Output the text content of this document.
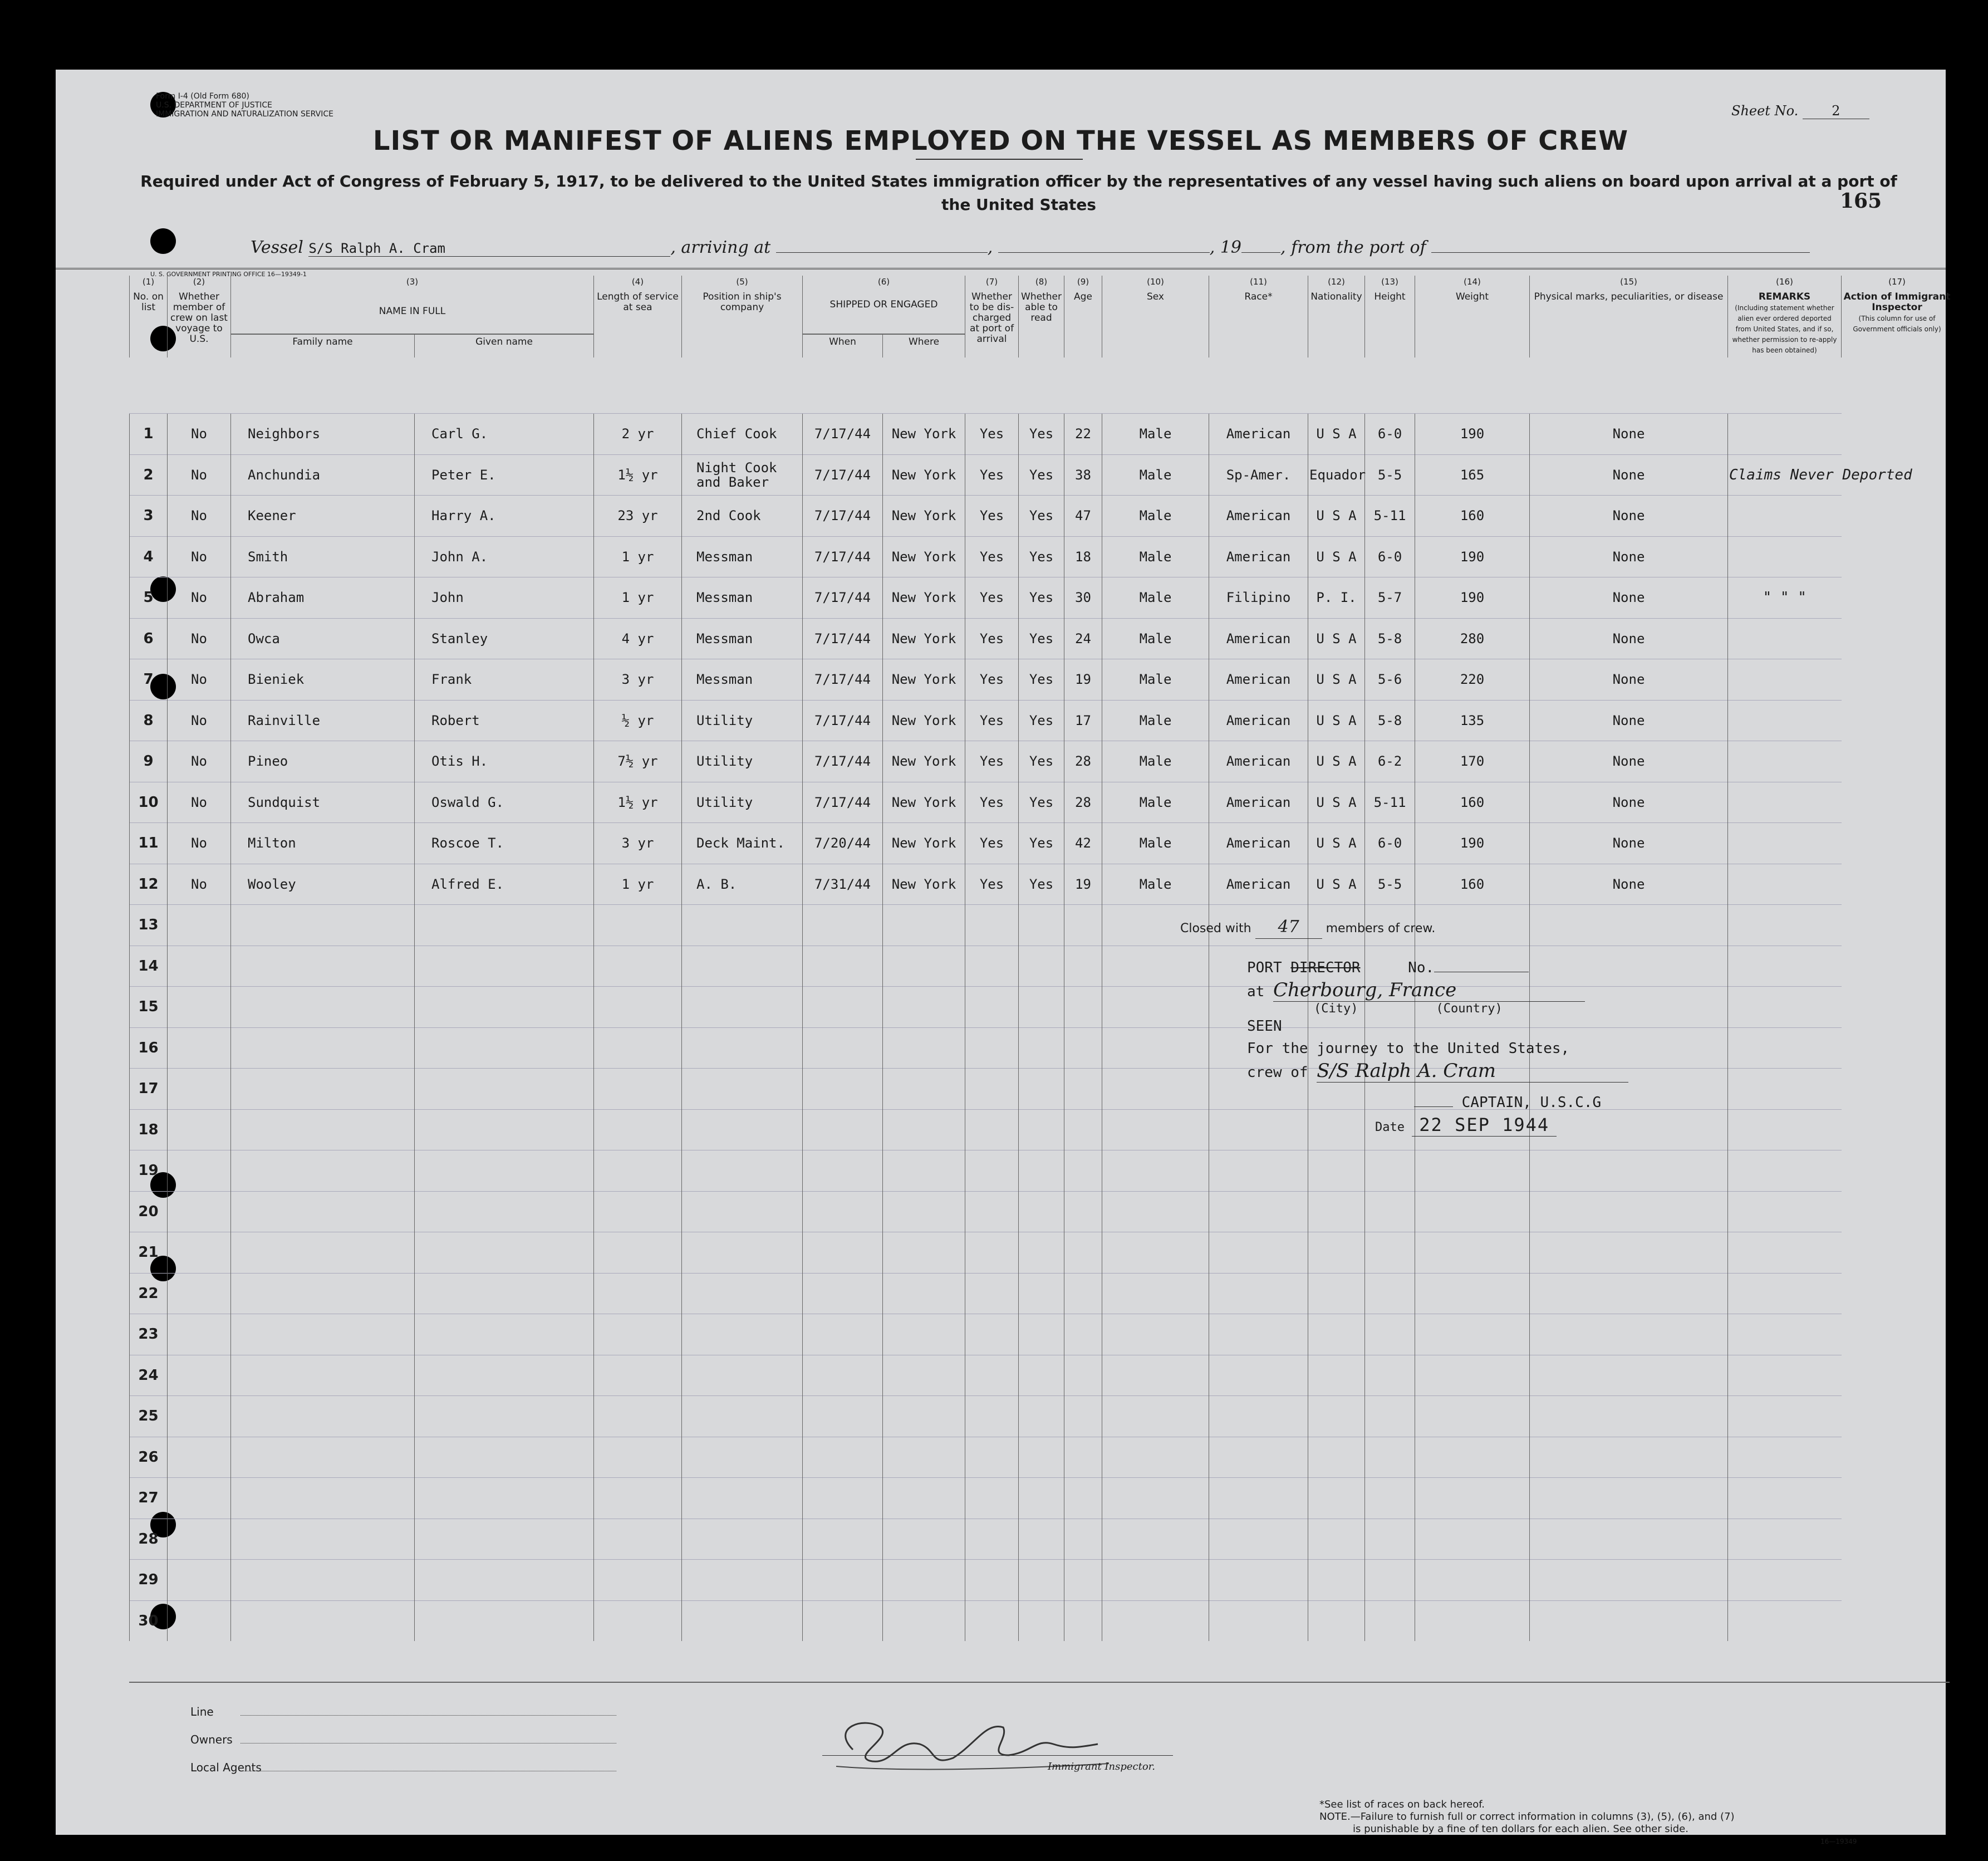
Form I-4 (Old Form 680)
U.S. DEPARTMENT OF JUSTICE
IMMIGRATION AND NATURALIZATION SERVICE	Sheet No.	2
165
LIST OR MANIFEST OF ALIENS EMPLOYED ON THE VESSEL AS MEMBERS OF CREW
Required under Act of Congress of February 5, 1917, to be delivered to the United States immigration officer by the representatives of any vessel having such aliens on board upon arrival at a port of the United States
Vessel S/S Ralph A. Cram	, arriving at	,	, 19 , from the port of
U. S. GOVERNMENT PRINTING OFFICE 16—19349-1
(1)	(2)	(3)		(4)	(5)	(6)		(7)	(8)	(9)	(10)	(11)	(12)	(13)	(14)	(15)	(16)	(17)
No. on list	Whether member of crew on last voyage to U.S.	NAME IN FULL		Length of service at sea	Position in ship's company	SHIPPED OR ENGAGED		Whether to be dis-charged at port of arrival	Whether able to read	Age	Sex	Race*	Nationality	Height	Weight	Physical marks, peculiarities, or disease	REMARKS
(Including statement whether alien ever ordered deported from United States, and if so, whether permission to re-apply has been obtained)	Action of Immigrant Inspector
(This column for use of Government officials only)
		Family name	Given name			When	Where											

1	No	Neighbors	Carl G.	2 yr	Chief Cook	7/17/44	New York	Yes	Yes	22	Male	American	U S A	6-0	190	None		
2	No	Anchundia	Peter E.	1½ yr	Night Cook and Baker	7/17/44	New York	Yes	Yes	38	Male	Sp-Amer.	Equador	5-5	165	None	Claims Never Deported	
3	No	Keener	Harry A.	23 yr	2nd Cook	7/17/44	New York	Yes	Yes	47	Male	American	U S A	5-11	160	None		
4	No	Smith	John A.	1 yr	Messman	7/17/44	New York	Yes	Yes	18	Male	American	U S A	6-0	190	None		
5	No	Abraham	John	1 yr	Messman	7/17/44	New York	Yes	Yes	30	Male	Filipino	P. I.	5-7	190	None	" " "	
6	No	Owca	Stanley	4 yr	Messman	7/17/44	New York	Yes	Yes	24	Male	American	U S A	5-8	280	None		
7	No	Bieniek	Frank	3 yr	Messman	7/17/44	New York	Yes	Yes	19	Male	American	U S A	5-6	220	None		
8	No	Rainville	Robert	½ yr	Utility	7/17/44	New York	Yes	Yes	17	Male	American	U S A	5-8	135	None		
9	No	Pineo	Otis H.	7½ yr	Utility	7/17/44	New York	Yes	Yes	28	Male	American	U S A	6-2	170	None		
10	No	Sundquist	Oswald G.	1½ yr	Utility	7/17/44	New York	Yes	Yes	28	Male	American	U S A	5-11	160	None		
11	No	Milton	Roscoe T.	3 yr	Deck Maint.	7/20/44	New York	Yes	Yes	42	Male	American	U S A	6-0	190	None		
12	No	Wooley	Alfred E.	1 yr	A. B.	7/31/44	New York	Yes	Yes	19	Male	American	U S A	5-5	160	None		
13																		
14																		
15																		
16																		
17																		
18																		
19																		
20																		
21																		
22																		
23																		
24																		
25																		
26																		
27																		
28																		
29																		
30																		
Closed with 47 members of crew.
PORT DIRECTOR	No.
at Cherbourg, France
(City)	(Country)
SEEN
For the journey to the United States,
crew of S/S Ralph A. Cram
CAPTAIN, U.S.C.G
Date 22 SEP 1944
Line
Owners
Local Agents	Immigrant Inspector.
*See list of races on back hereof.
NOTE.—Failure to furnish full or correct information in columns (3), (5), (6), and (7)
is punishable by a fine of ten dollars for each alien. See other side.
16—19349
